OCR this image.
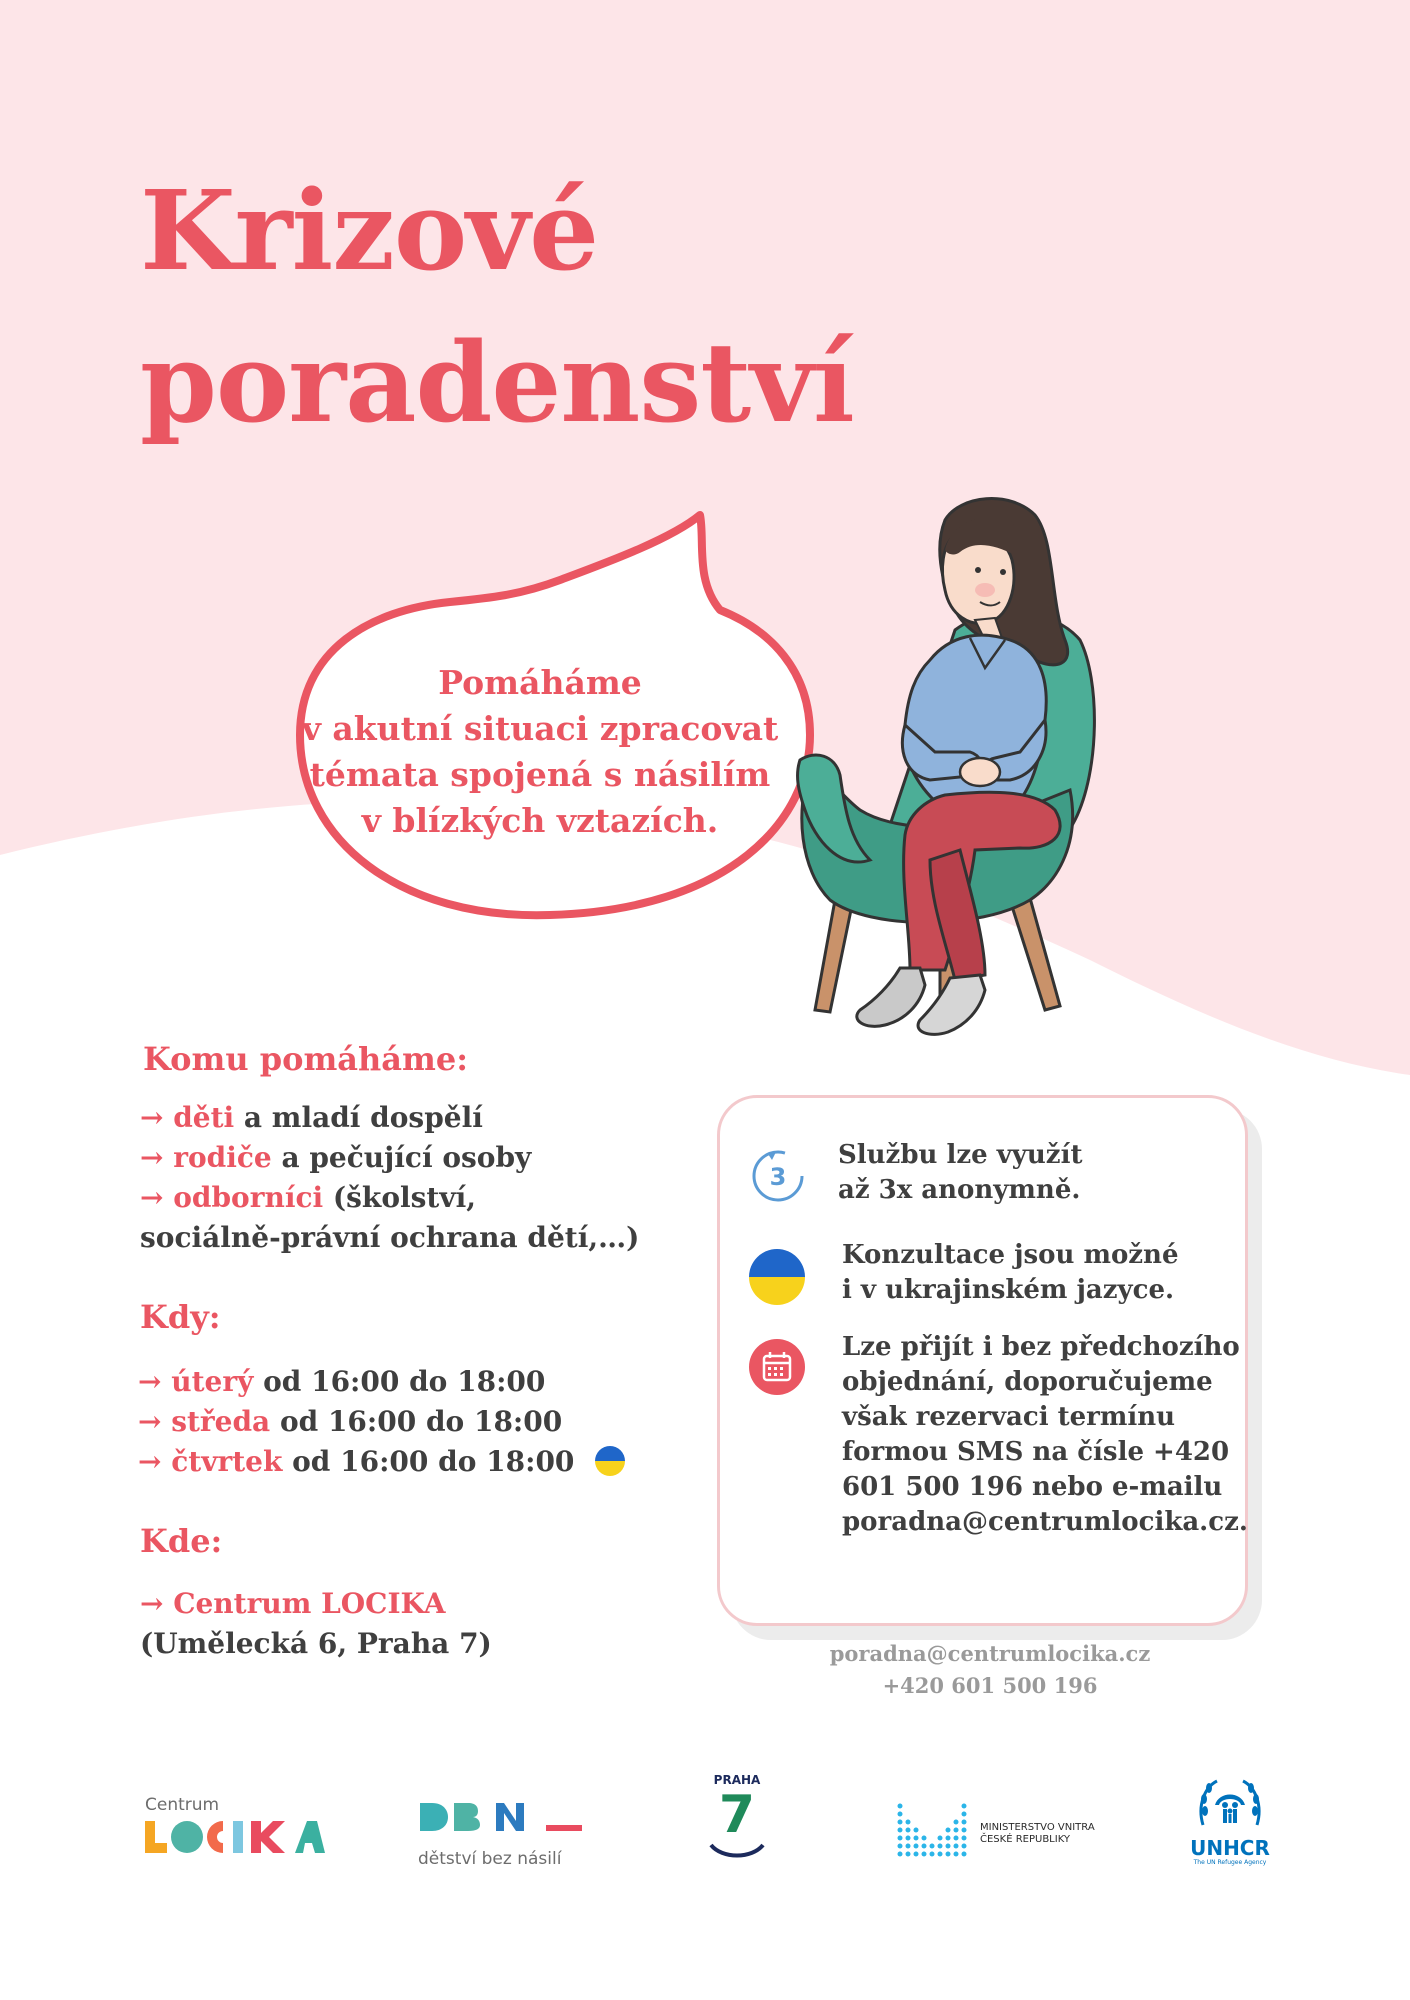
Krizové
poradenství
Pomáháme
v akutní situaci zpracovat
témata spojená s násilím
v blízkých vztazích.
Komu pomáháme:
→ děti a mladí dospělí
→ rodiče a pečující osoby
→ odborníci (školství,
sociálně-právní ochrana dětí,…)
Kdy:
→ úterý od 16:00 do 18:00
→ středa od 16:00 do 18:00
→ čtvrtek od 16:00 do 18:00
Kde:
→ Centrum LOCIKA
(Umělecká 6, Praha 7)
3
Službu lze využít
až 3x anonymně.
Konzultace jsou možné
i v ukrajinském jazyce.
Lze přijít i bez předchozího
objednání, doporučujeme
však rezervaci termínu
formou SMS na čísle +420
601 500 196 nebo e-mailu
poradna@centrumlocika.cz.
poradna@centrumlocika.cz
+420 601 500 196
Centrum
dětství bez násilí
PRAHA
7	MINISTERSTVO VNITRA
ČESKÉ REPUBLIKY	UNHCR
The UN Refugee Agency
